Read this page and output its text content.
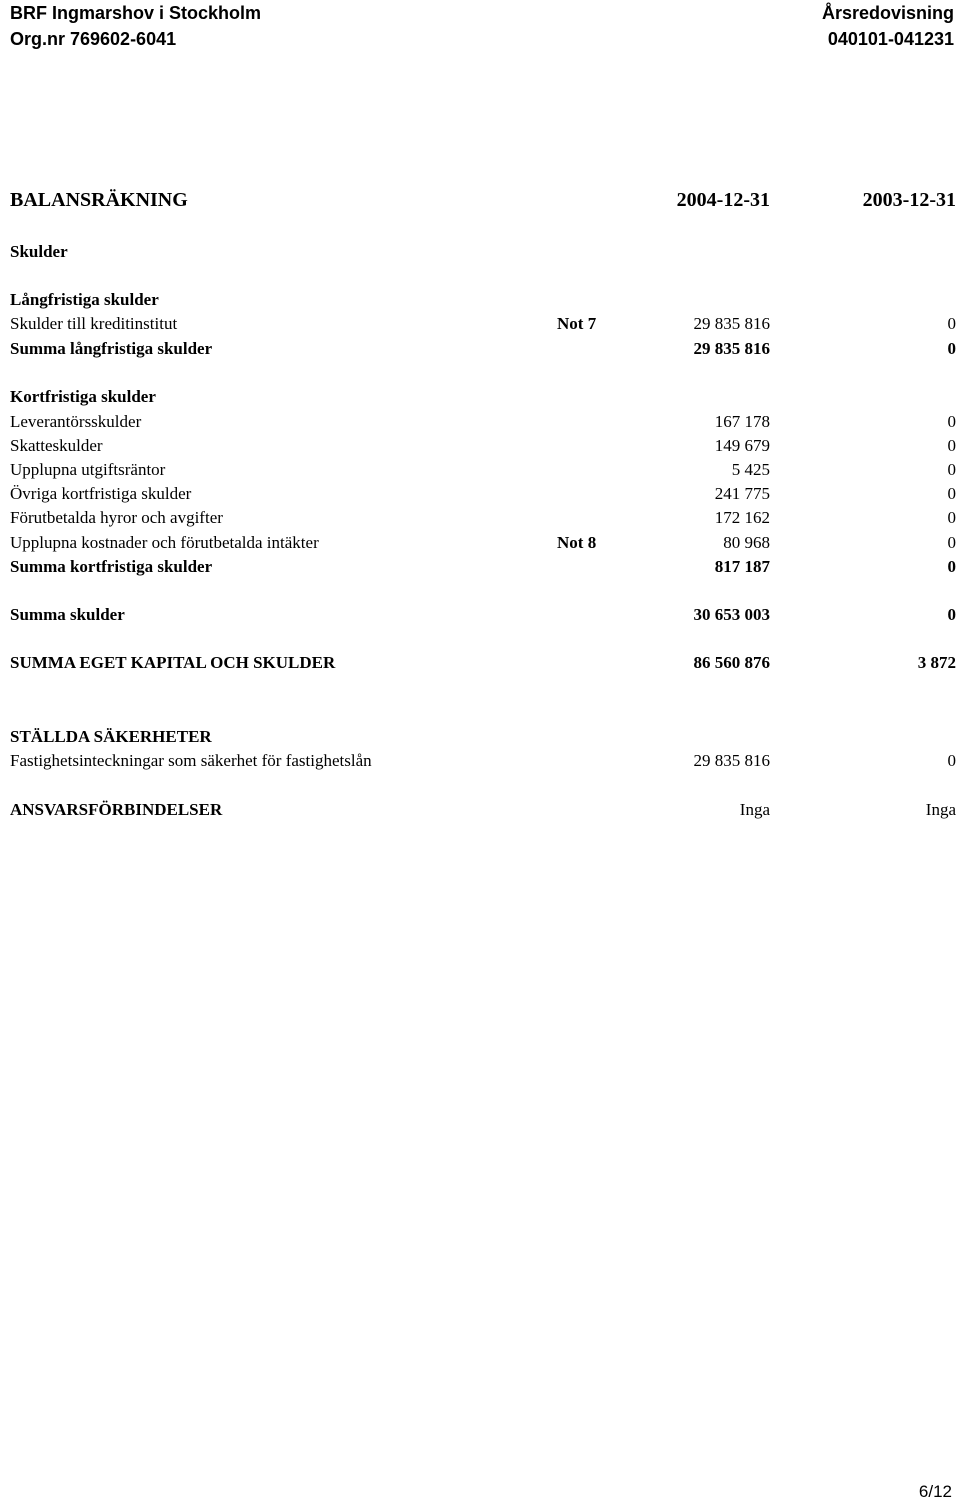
BRF Ingmarshov i Stockholm
Org.nr 769602-6041
Årsredovisning
040101-041231
BALANSRÄKNING	2004-12-31	2003-12-31
Skulder
Långfristiga skulder
Skulder till kreditinstitut	Not 7	29 835 816	0
Summa långfristiga skulder	29 835 816	0
Kortfristiga skulder
Leverantörsskulder	167 178	0
Skatteskulder	149 679	0
Upplupna utgiftsräntor	5 425	0
Övriga kortfristiga skulder	241 775	0
Förutbetalda hyror och avgifter	172 162	0
Upplupna kostnader och förutbetalda intäkter	Not 8	80 968	0
Summa kortfristiga skulder	817 187	0
Summa skulder	30 653 003	0
SUMMA EGET KAPITAL OCH SKULDER	86 560 876	3 872
STÄLLDA SÄKERHETER
Fastighetsinteckningar som säkerhet för fastighetslån	29 835 816	0
ANSVARSFÖRBINDELSER	Inga	Inga
6/12
